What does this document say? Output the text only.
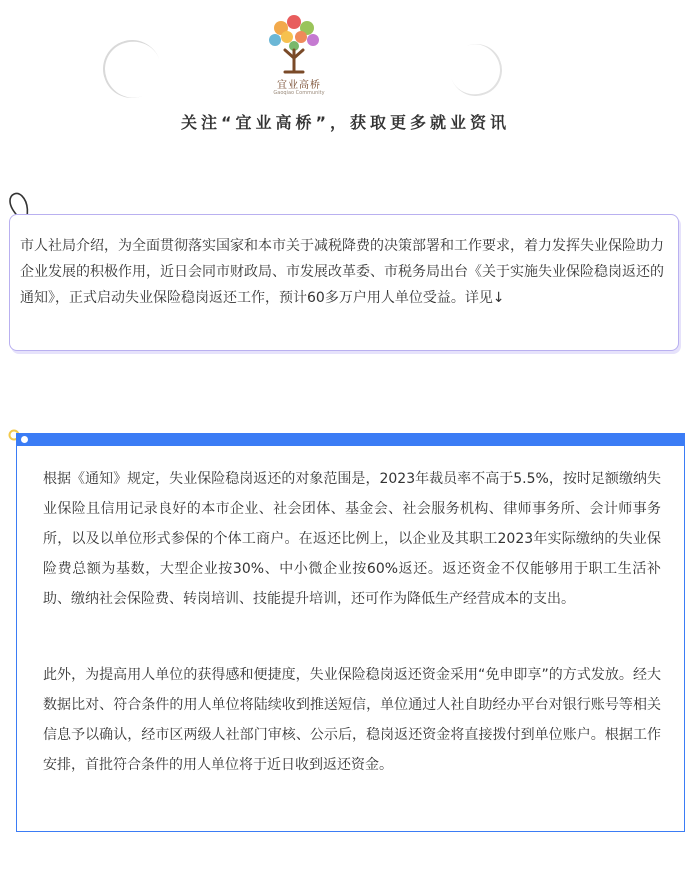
宜业高桥
Gaoqiao Community
关注“宜业高桥”，获取更多就业资讯
市人社局介绍，为全面贯彻落实国家和本市关于减税降费的决策部署和工作要求，着力发挥失业保险助力企业发展的积极作用，近日会同市财政局、市发展改革委、市税务局出台《关于实施失业保险稳岗返还的通知》，正式启动失业保险稳岗返还工作，预计60多万户用人单位受益。详见↓

根据《通知》规定，失业保险稳岗返还的对象范围是，2023年裁员率不高于5.5%，按时足额缴纳失业保险且信用记录良好的本市企业、社会团体、基金会、社会服务机构、律师事务所、会计师事务所，以及以单位形式参保的个体工商户。在返还比例上，以企业及其职工2023年实际缴纳的失业保险费总额为基数，大型企业按30%、中小微企业按60%返还。返还资金不仅能够用于职工生活补助、缴纳社会保险费、转岗培训、技能提升培训，还可作为降低生产经营成本的支出。

此外，为提高用人单位的获得感和便捷度，失业保险稳岗返还资金采用“免申即享”的方式发放。经大数据比对、符合条件的用人单位将陆续收到推送短信，单位通过人社自助经办平台对银行账号等相关信息予以确认，经市区两级人社部门审核、公示后，稳岗返还资金将直接拨付到单位账户。根据工作安排，首批符合条件的用人单位将于近日收到返还资金。
